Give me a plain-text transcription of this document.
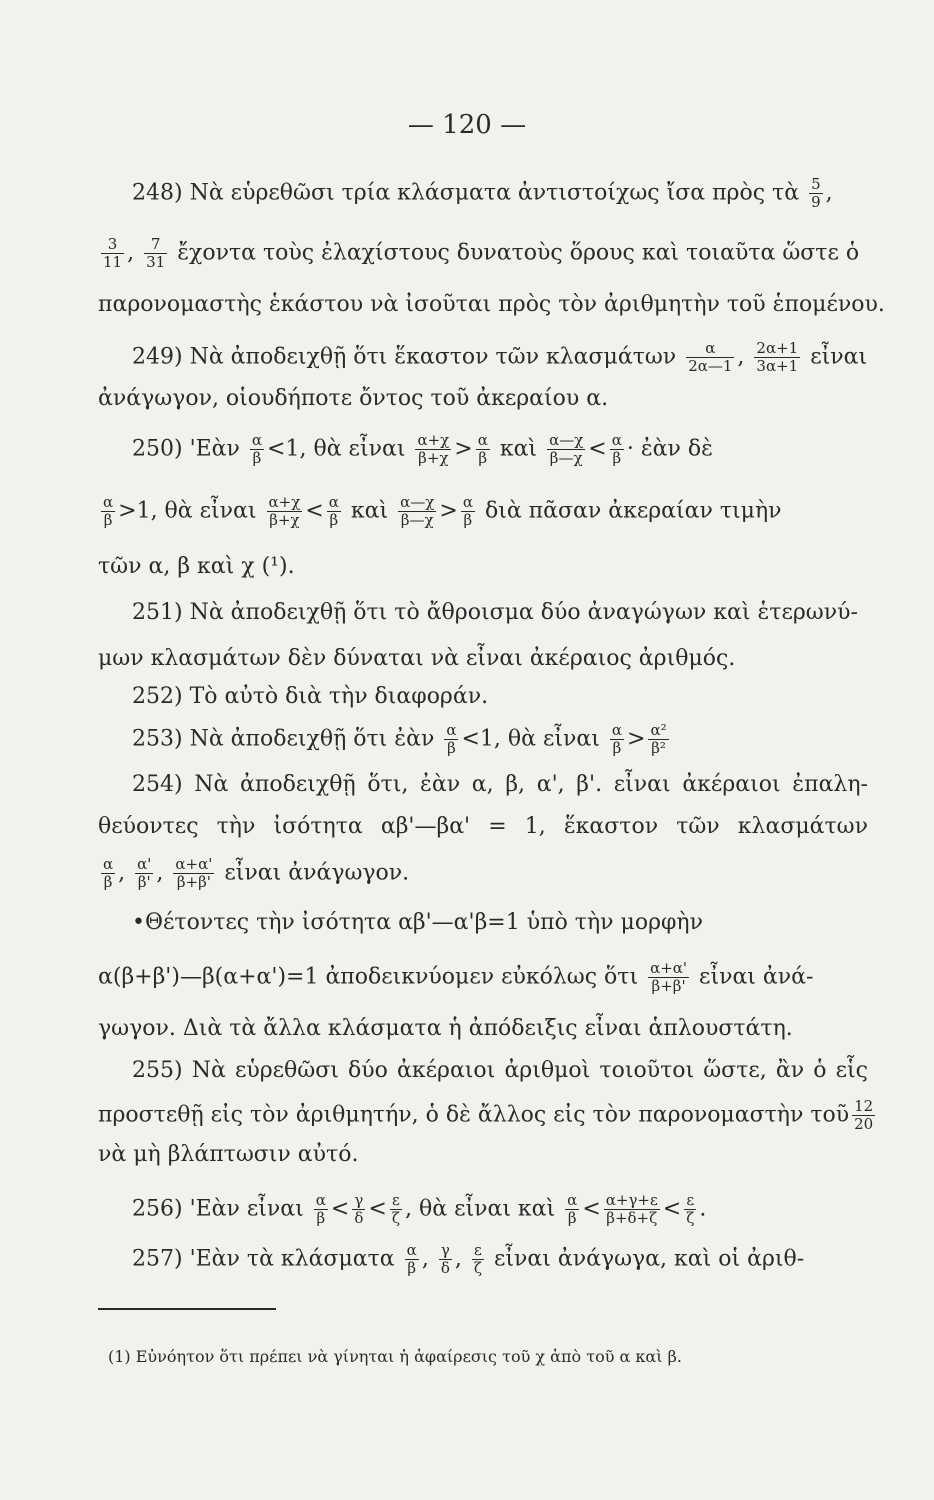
— 120 —
248) Νὰ εὑρεθῶσι τρία κλάσματα ἀντιστοίχως ἴσα πρὸς τὰ $\frac{5}{9}$ ,
$\frac{3}{11}$ , $\frac{7}{31}$ ἔχοντα τοὺς ἐλαχίστους δυνατοὺς ὅρους καὶ τοιαῦτα ὥστε ὁ
παρονομαστὴς ἑκάστου νὰ ἰσοῦται πρὸς τὸν ἀριθμητὴν τοῦ ἑπομένου.
249) Νὰ ἀποδειχθῇ ὅτι ἕκαστον τῶν κλασμάτων $\frac{\alpha}{2\alpha—1}$ , $\frac{2\alpha+1}{3\alpha+1}$ εἶναι
ἀνάγωγον, οἱουδήποτε ὄντος τοῦ ἀκεραίου α.
250) 'Εὰν $\frac{\alpha}{\beta} <1$, θὰ εἶναι $\frac{\alpha+\chi}{\beta+\chi} > \frac{\alpha}{\beta}$ καὶ $\frac{\alpha—\chi}{\beta—\chi} < \frac{\alpha}{\beta}$ · ἐὰν δὲ
$\frac{\alpha}{\beta} >1$, θὰ εἶναι $\frac{\alpha+\chi}{\beta+\chi} < \frac{\alpha}{\beta}$ καὶ $\frac{\alpha—\chi}{\beta—\chi} > \frac{\alpha}{\beta}$ διὰ πᾶσαν ἀκεραίαν τιμὴν
τῶν α, β καὶ χ (¹).
251) Νὰ ἀποδειχθῇ ὅτι τὸ ἄθροισμα δύο ἀναγώγων καὶ ἑτερωνύ-
μων κλασμάτων δὲν δύναται νὰ εἶναι ἀκέραιος ἀριθμός.
252) Τὸ αὐτὸ διὰ τὴν διαφοράν.
253) Νὰ ἀποδειχθῇ ὅτι ἐὰν $\frac{\alpha}{\beta} <1$, θὰ εἶναι $\frac{\alpha}{\beta} > \frac{\text{α²}}{\text{β²}}$
254) Νὰ ἀποδειχθῇ ὅτι, ἐὰν α, β, α', β'. εἶναι ἀκέραιοι ἐπαλη-
θεύοντες τὴν ἰσότητα αβ'—βα' = 1, ἕκαστον τῶν κλασμάτων
$\frac{\alpha}{\beta}$ , $\frac{\alpha'}{\beta'}$ , $\frac{\alpha+\alpha'}{\beta+\beta'}$ εἶναι ἀνάγωγον.
•Θέτοντες τὴν ἰσότητα αβ'—α'β=1 ὑπὸ τὴν μορφὴν
α(β+β')—β(α+α')=1 ἀποδεικνύομεν εὐκόλως ὅτι $\frac{\alpha+\alpha'}{\beta+\beta'}$ εἶναι ἀνά-
γωγον. Διὰ τὰ ἄλλα κλάσματα ἡ ἀπόδειξις εἶναι ἁπλουστάτη.
255) Νὰ εὑρεθῶσι δύο ἀκέραιοι ἀριθμοὶ τοιοῦτοι ὥστε, ἂν ὁ εἷς
προστεθῇ εἰς τὸν ἀριθμητήν, ὁ δὲ ἄλλος εἰς τὸν παρονομαστὴν τοῦ $\frac{12}{20}$
νὰ μὴ βλάπτωσιν αὐτό.
256) 'Εὰν εἶναι $\frac{\alpha}{\beta} < \frac{\gamma}{\delta} < \frac{\varepsilon}{\zeta}$ , θὰ εἶναι καὶ $\frac{\alpha}{\beta} < \frac{\alpha+\gamma+\varepsilon}{\beta+\delta+\zeta} < \frac{\varepsilon}{\zeta}$ .
257) 'Εὰν τὰ κλάσματα $\frac{\alpha}{\beta}$ , $\frac{\gamma}{\delta}$ , $\frac{\varepsilon}{\zeta}$ εἶναι ἀνάγωγα, καὶ οἱ ἀριθ-
(1) Εὐνόητον ὅτι πρέπει νὰ γίνηται ἡ ἀφαίρεσις τοῦ χ ἀπὸ τοῦ α καὶ β.
